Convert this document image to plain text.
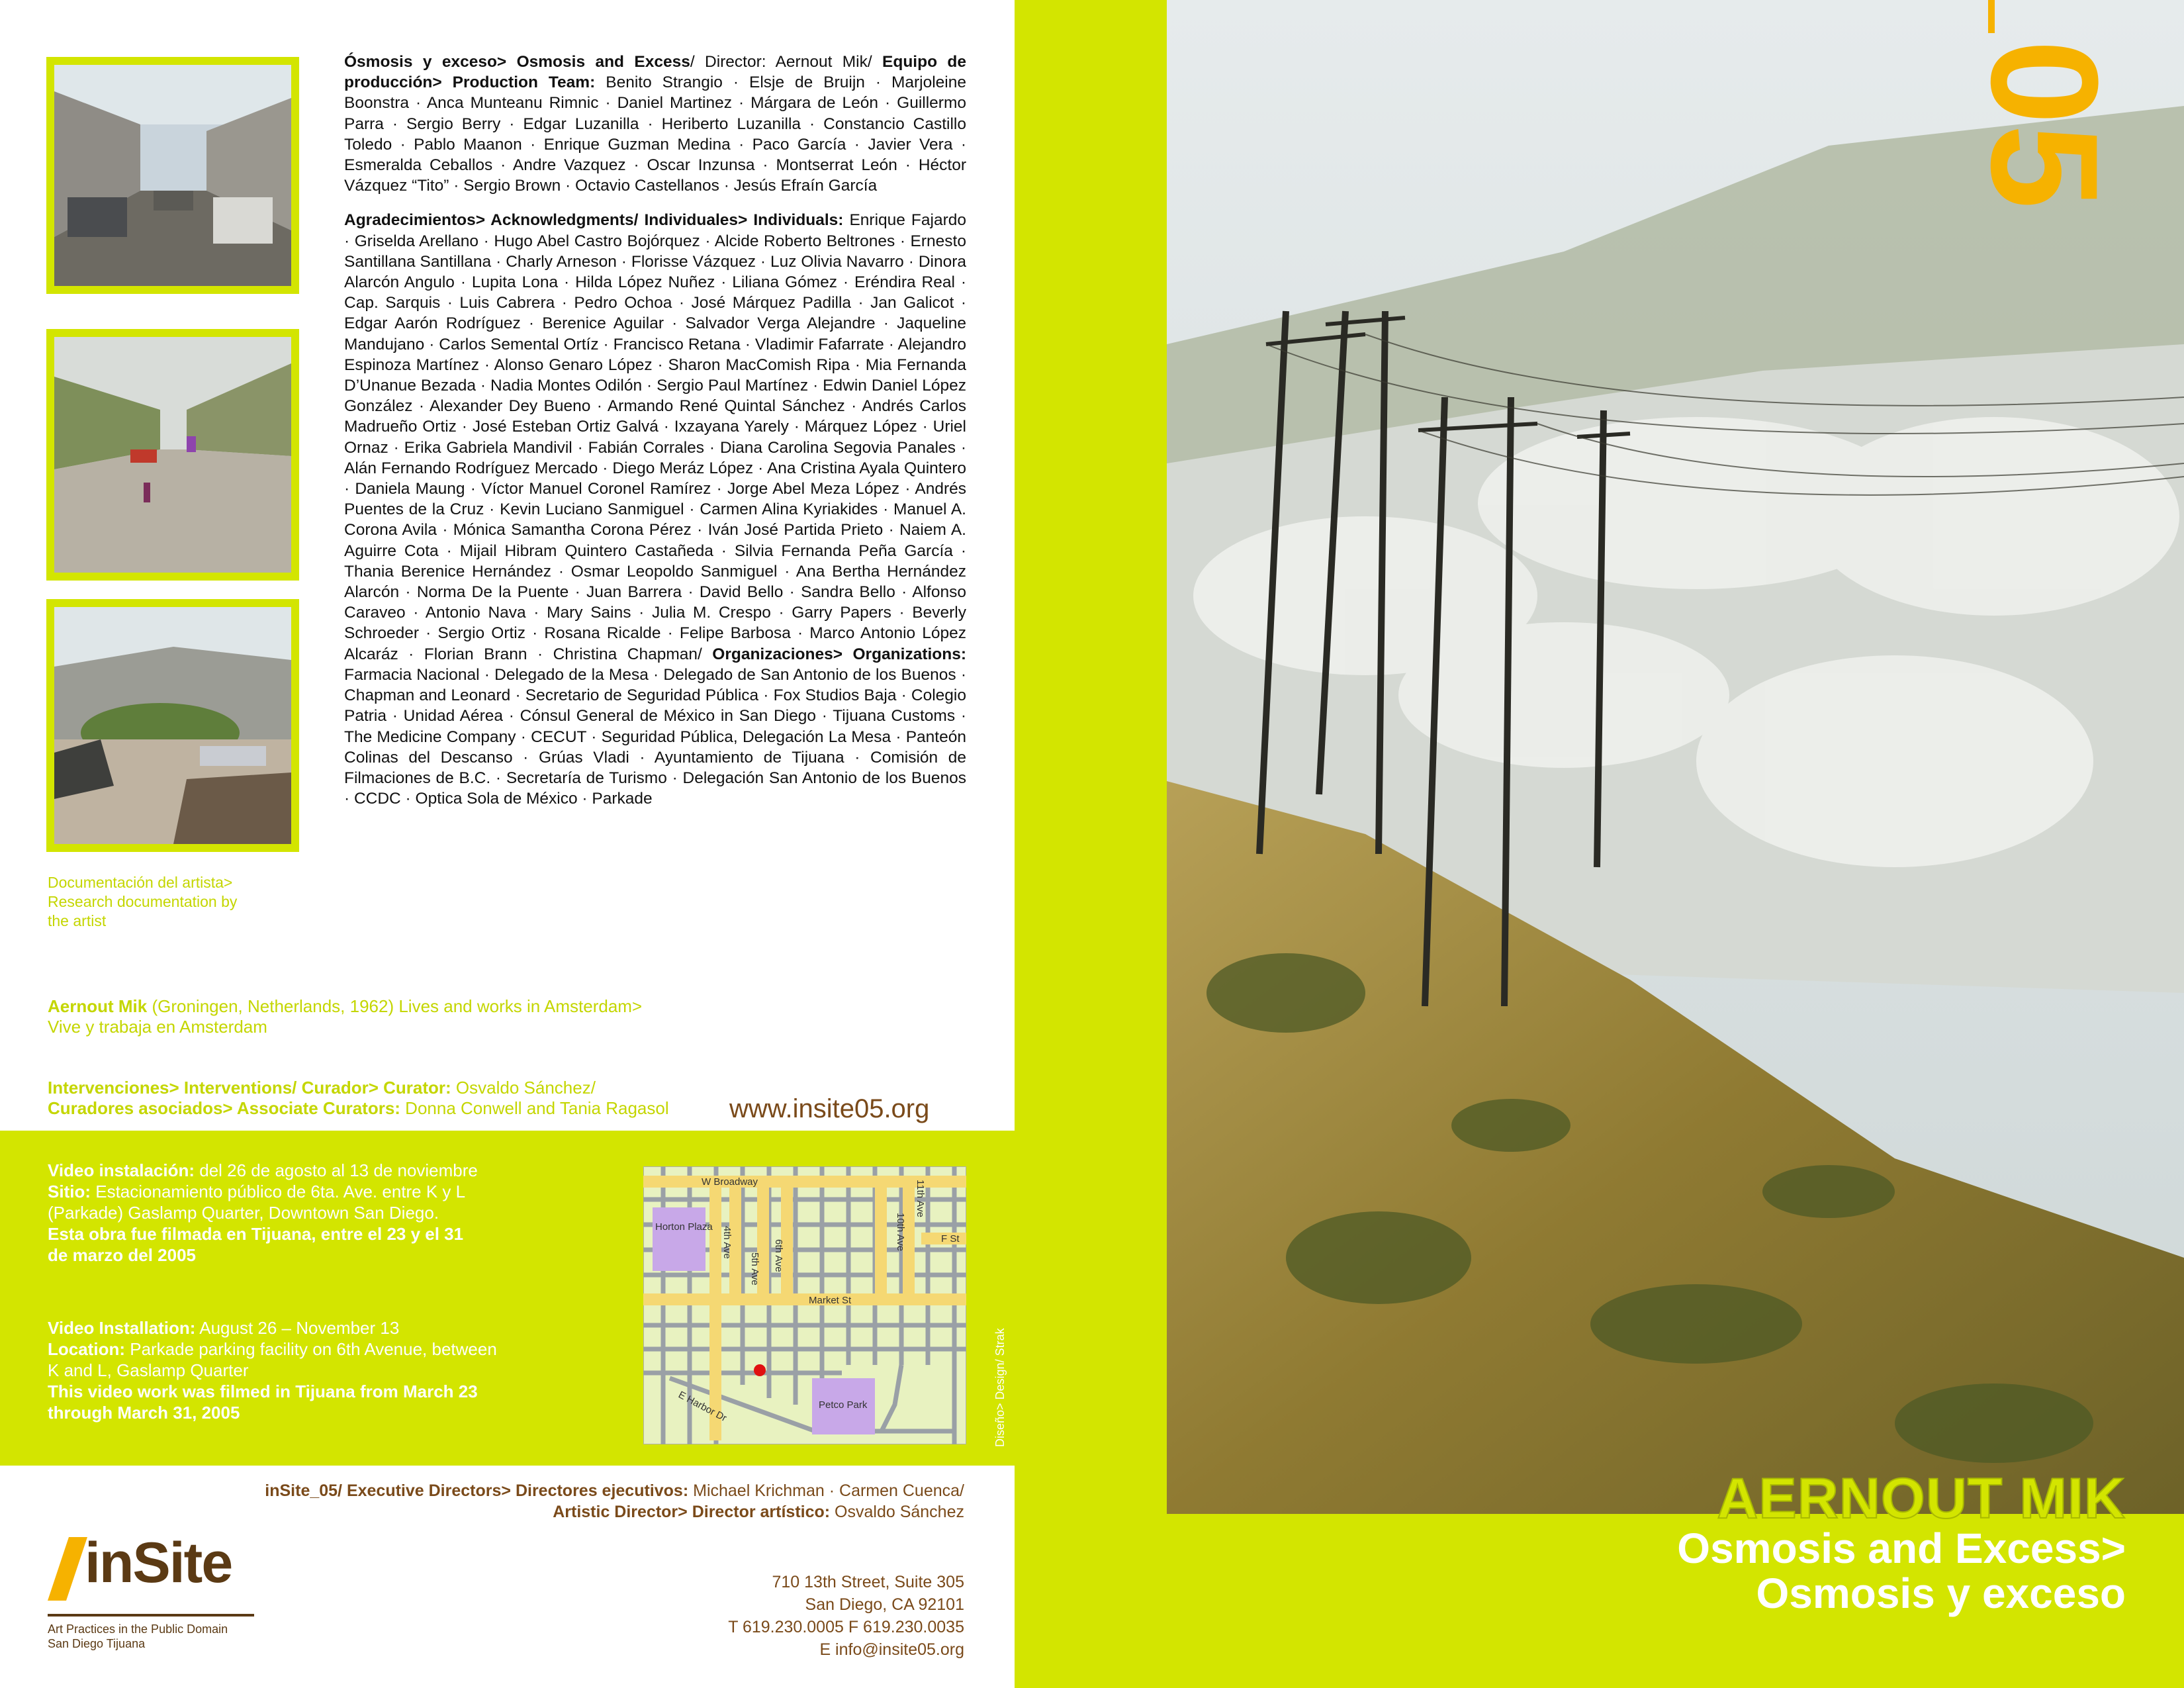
Documentación del artista>
Research documentation by
the artist

Ósmosis y exceso> Osmosis and Excess/ Director: Aernout Mik/ Equipo de producción> Production Team: Benito Strangio · Elsje de Bruijn · Marjoleine Boonstra · Anca Munteanu Rimnic · Daniel Martinez · Márgara de León · Guillermo Parra · Sergio Berry · Edgar Luzanilla · Heriberto Luzanilla · Constancio Castillo Toledo · Pablo Maanon · Enrique Guzman Medina · Paco García · Javier Vera · Esmeralda Ceballos · Andre Vazquez · Oscar Inzunsa · Montserrat León · Héctor Vázquez “Tito” · Sergio Brown · Octavio Castellanos · Jesús Efraín García

Agradecimientos> Acknowledgments/ Individuales> Individuals: Enrique Fajardo · Griselda Arellano · Hugo Abel Castro Bojórquez · Alcide Roberto Beltrones · Ernesto Santillana Santillana · Charly Arneson · Florisse Vázquez · Luz Olivia Navarro · Dinora Alarcón Angulo · Lupita Lona · Hilda López Nuñez · Liliana Gómez · Eréndira Real · Cap. Sarquis · Luis Cabrera · Pedro Ochoa · José Márquez Padilla · Jan Galicot · Edgar Aarón Rodríguez · Berenice Aguilar · Salvador Verga Alejandre · Jaqueline Mandujano · Carlos Semental Ortíz · Francisco Retana · Vladimir Fafarrate · Alejandro Espinoza Martínez · Alonso Genaro López · Sharon MacComish Ripa · Mia Fernanda D’Unanue Bezada · Nadia Montes Odilón · Sergio Paul Martínez · Edwin Daniel López González · Alexander Dey Bueno · Armando René Quintal Sánchez · Andrés Carlos Madrueño Ortiz · José Esteban Ortiz Galvá · Ixzayana Yarely · Márquez López · Uriel Ornaz · Erika Gabriela Mandivil · Fabián Corrales · Diana Carolina Segovia Panales · Alán Fernando Rodríguez Mercado · Diego Meráz López · Ana Cristina Ayala Quintero · Daniela Maung · Víctor Manuel Coronel Ramírez · Jorge Abel Meza López · Andrés Puentes de la Cruz · Kevin Luciano Sanmiguel · Carmen Alina Kyriakides · Manuel A. Corona Avila · Mónica Samantha Corona Pérez · Iván José Partida Prieto · Naiem A. Aguirre Cota · Mijail Hibram Quintero Castañeda · Silvia Fernanda Peña García · Thania Berenice Hernández · Osmar Leopoldo Sanmiguel · Ana Bertha Hernández Alarcón · Norma De la Puente · Juan Barrera · David Bello · Sandra Bello · Alfonso Caraveo · Antonio Nava · Mary Sains · Julia M. Crespo · Garry Papers · Beverly Schroeder · Sergio Ortiz · Rosana Ricalde · Felipe Barbosa · Marco Antonio López Alcaráz · Florian Brann · Christina Chapman/ Organizaciones> Organizations: Farmacia Nacional · Delegado de la Mesa · Delegado de San Antonio de los Buenos · Chapman and Leonard · Secretario de Seguridad Pública · Fox Studios Baja · Colegio Patria · Unidad Aérea · Cónsul General de México in San Diego · Tijuana Customs · The Medicine Company · CECUT · Seguridad Pública, Delegación La Mesa · Panteón Colinas del Descanso · Grúas Vladi · Ayuntamiento de Tijuana · Comisión de Filmaciones de B.C. · Secretaría de Turismo · Delegación San Antonio de los Buenos · CCDC · Optica Sola de México · Parkade

Aernout Mik (Groningen, Netherlands, 1962) Lives and works in Amsterdam>
Vive y trabaja en Amsterdam
Intervenciones> Interventions/ Curador> Curator: Osvaldo Sánchez/
Curadores asociados> Associate Curators: Donna Conwell and Tania Ragasol www.insite05.org
Video instalación: del 26 de agosto al 13 de noviembre
Sitio: Estacionamiento público de 6ta. Ave. entre K y L
(Parkade) Gaslamp Quarter, Downtown San Diego.
Esta obra fue filmada en Tijuana, entre el 23 y el 31
de marzo del 2005
Video Installation: August 26 – November 13
Location: Parkade parking facility on 6th Avenue, between
K and L, Gaslamp Quarter
This video work was filmed in Tijuana from March 23
through March 31, 2005
W Broadway
F St
Market St
E Harbor Dr
Horton Plaza
Petco Park
4th Ave
5th Ave 6th Ave
10th Ave
11th Ave
Diseño> Design/ Strak
inSite_05/ Executive Directors> Directores ejecutivos: Michael Krichman · Carmen Cuenca/
Artistic Director> Director artístico: Osvaldo Sánchez
inSite
Art Practices in the Public Domain
San Diego Tijuana
710 13th Street, Suite 305
San Diego, CA 92101
T 619.230.0005 F 619.230.0035
E info@insite05.org
05
AERNOUT MIK
Osmosis and Excess>
Osmosis y exceso
